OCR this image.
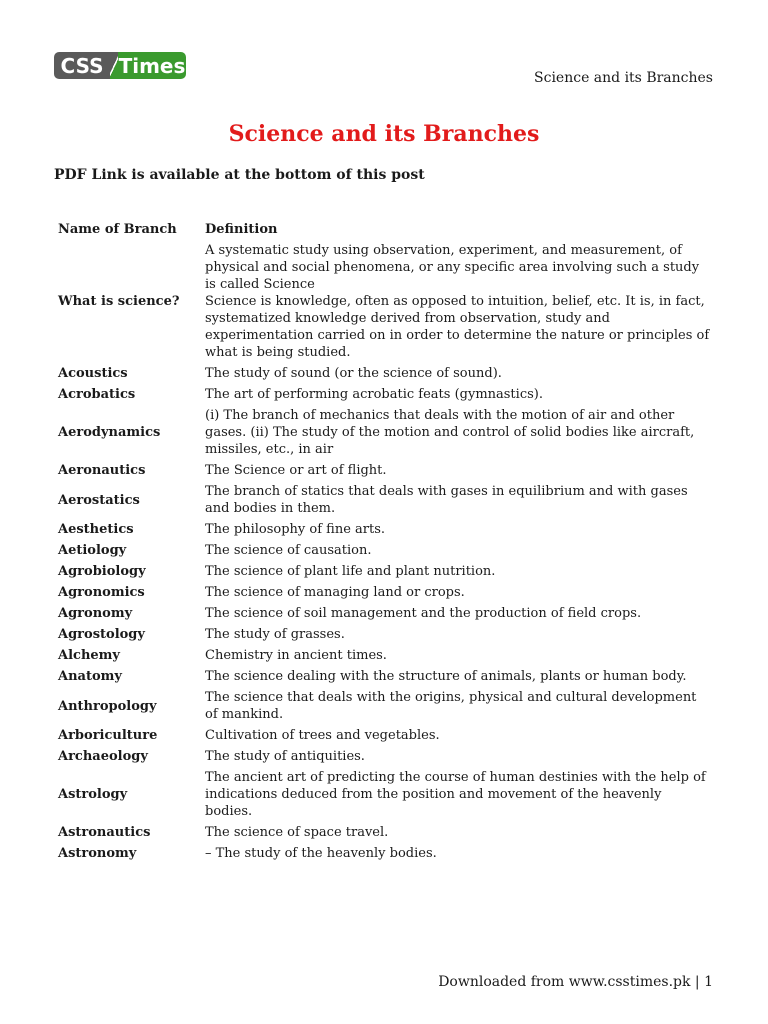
CSS Times
Science and its Branches
Science and its Branches
PDF Link is available at the bottom of this post
Name of Branch	Definition
What is science?	A systematic study using observation, experiment, and measurement, of physical and social phenomena, or any specific area involving such a study is called Science
Science is knowledge, often as opposed to intuition, belief, etc. It is, in fact, systematized knowledge derived from observation, study and experimentation carried on in order to determine the nature or principles of what is being studied.

Acoustics	The study of sound (or the science of sound).

Acrobatics	The art of performing acrobatic feats (gymnastics).

Aerodynamics	(i) The branch of mechanics that deals with the motion of air and other gases. (ii) The study of the motion and control of solid bodies like aircraft, missiles, etc., in air

Aeronautics	The Science or art of flight.

Aerostatics	The branch of statics that deals with gases in equilibrium and with gases and bodies in them.

Aesthetics	The philosophy of fine arts.

Aetiology	The science of causation.

Agrobiology	The science of plant life and plant nutrition.

Agronomics	The science of managing land or crops.

Agronomy	The science of soil management and the production of field crops.

Agrostology	The study of grasses.

Alchemy	Chemistry in ancient times.

Anatomy	The science dealing with the structure of animals, plants or human body.

Anthropology	The science that deals with the origins, physical and cultural development of mankind.

Arboriculture	Cultivation of trees and vegetables.

Archaeology	The study of antiquities.

Astrology	The ancient art of predicting the course of human destinies with the help of indications deduced from the position and movement of the heavenly bodies.

Astronautics	The science of space travel.

Astronomy	– The study of the heavenly bodies.
Downloaded from www.csstimes.pk | 1
